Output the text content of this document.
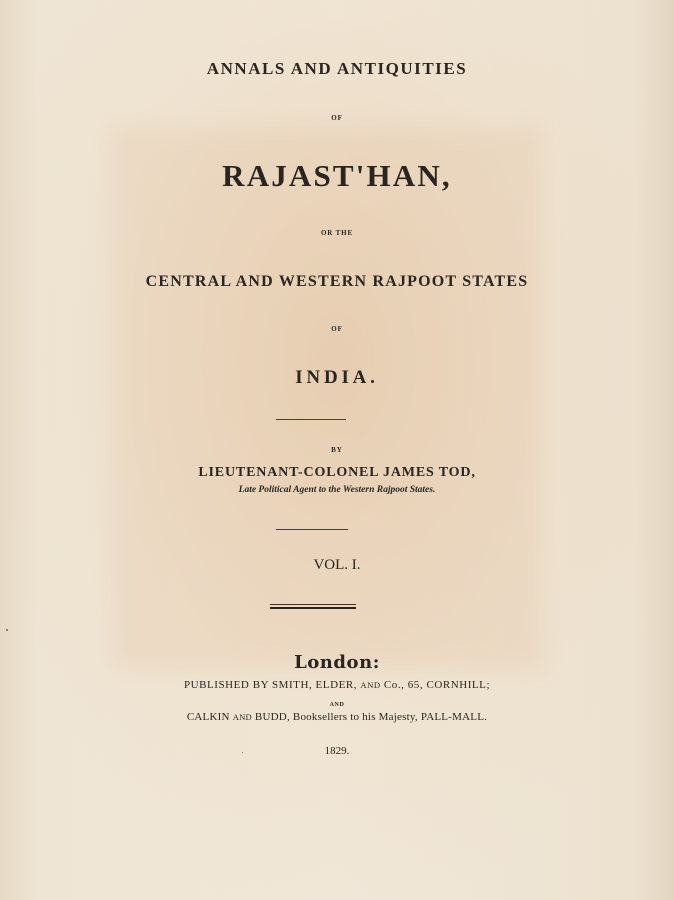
ANNALS AND ANTIQUITIES
OF
RAJAST'HAN,
OR THE
CENTRAL AND WESTERN RAJPOOT STATES
OF
INDIA.
BY
LIEUTENANT-COLONEL JAMES TOD,
Late Political Agent to the Western Rajpoot States.
VOL. I.
London:
PUBLISHED BY SMITH, ELDER, AND Co., 65, CORNHILL;
AND
CALKIN AND BUDD, Booksellers to his Majesty, PALL-MALL.
1829.
